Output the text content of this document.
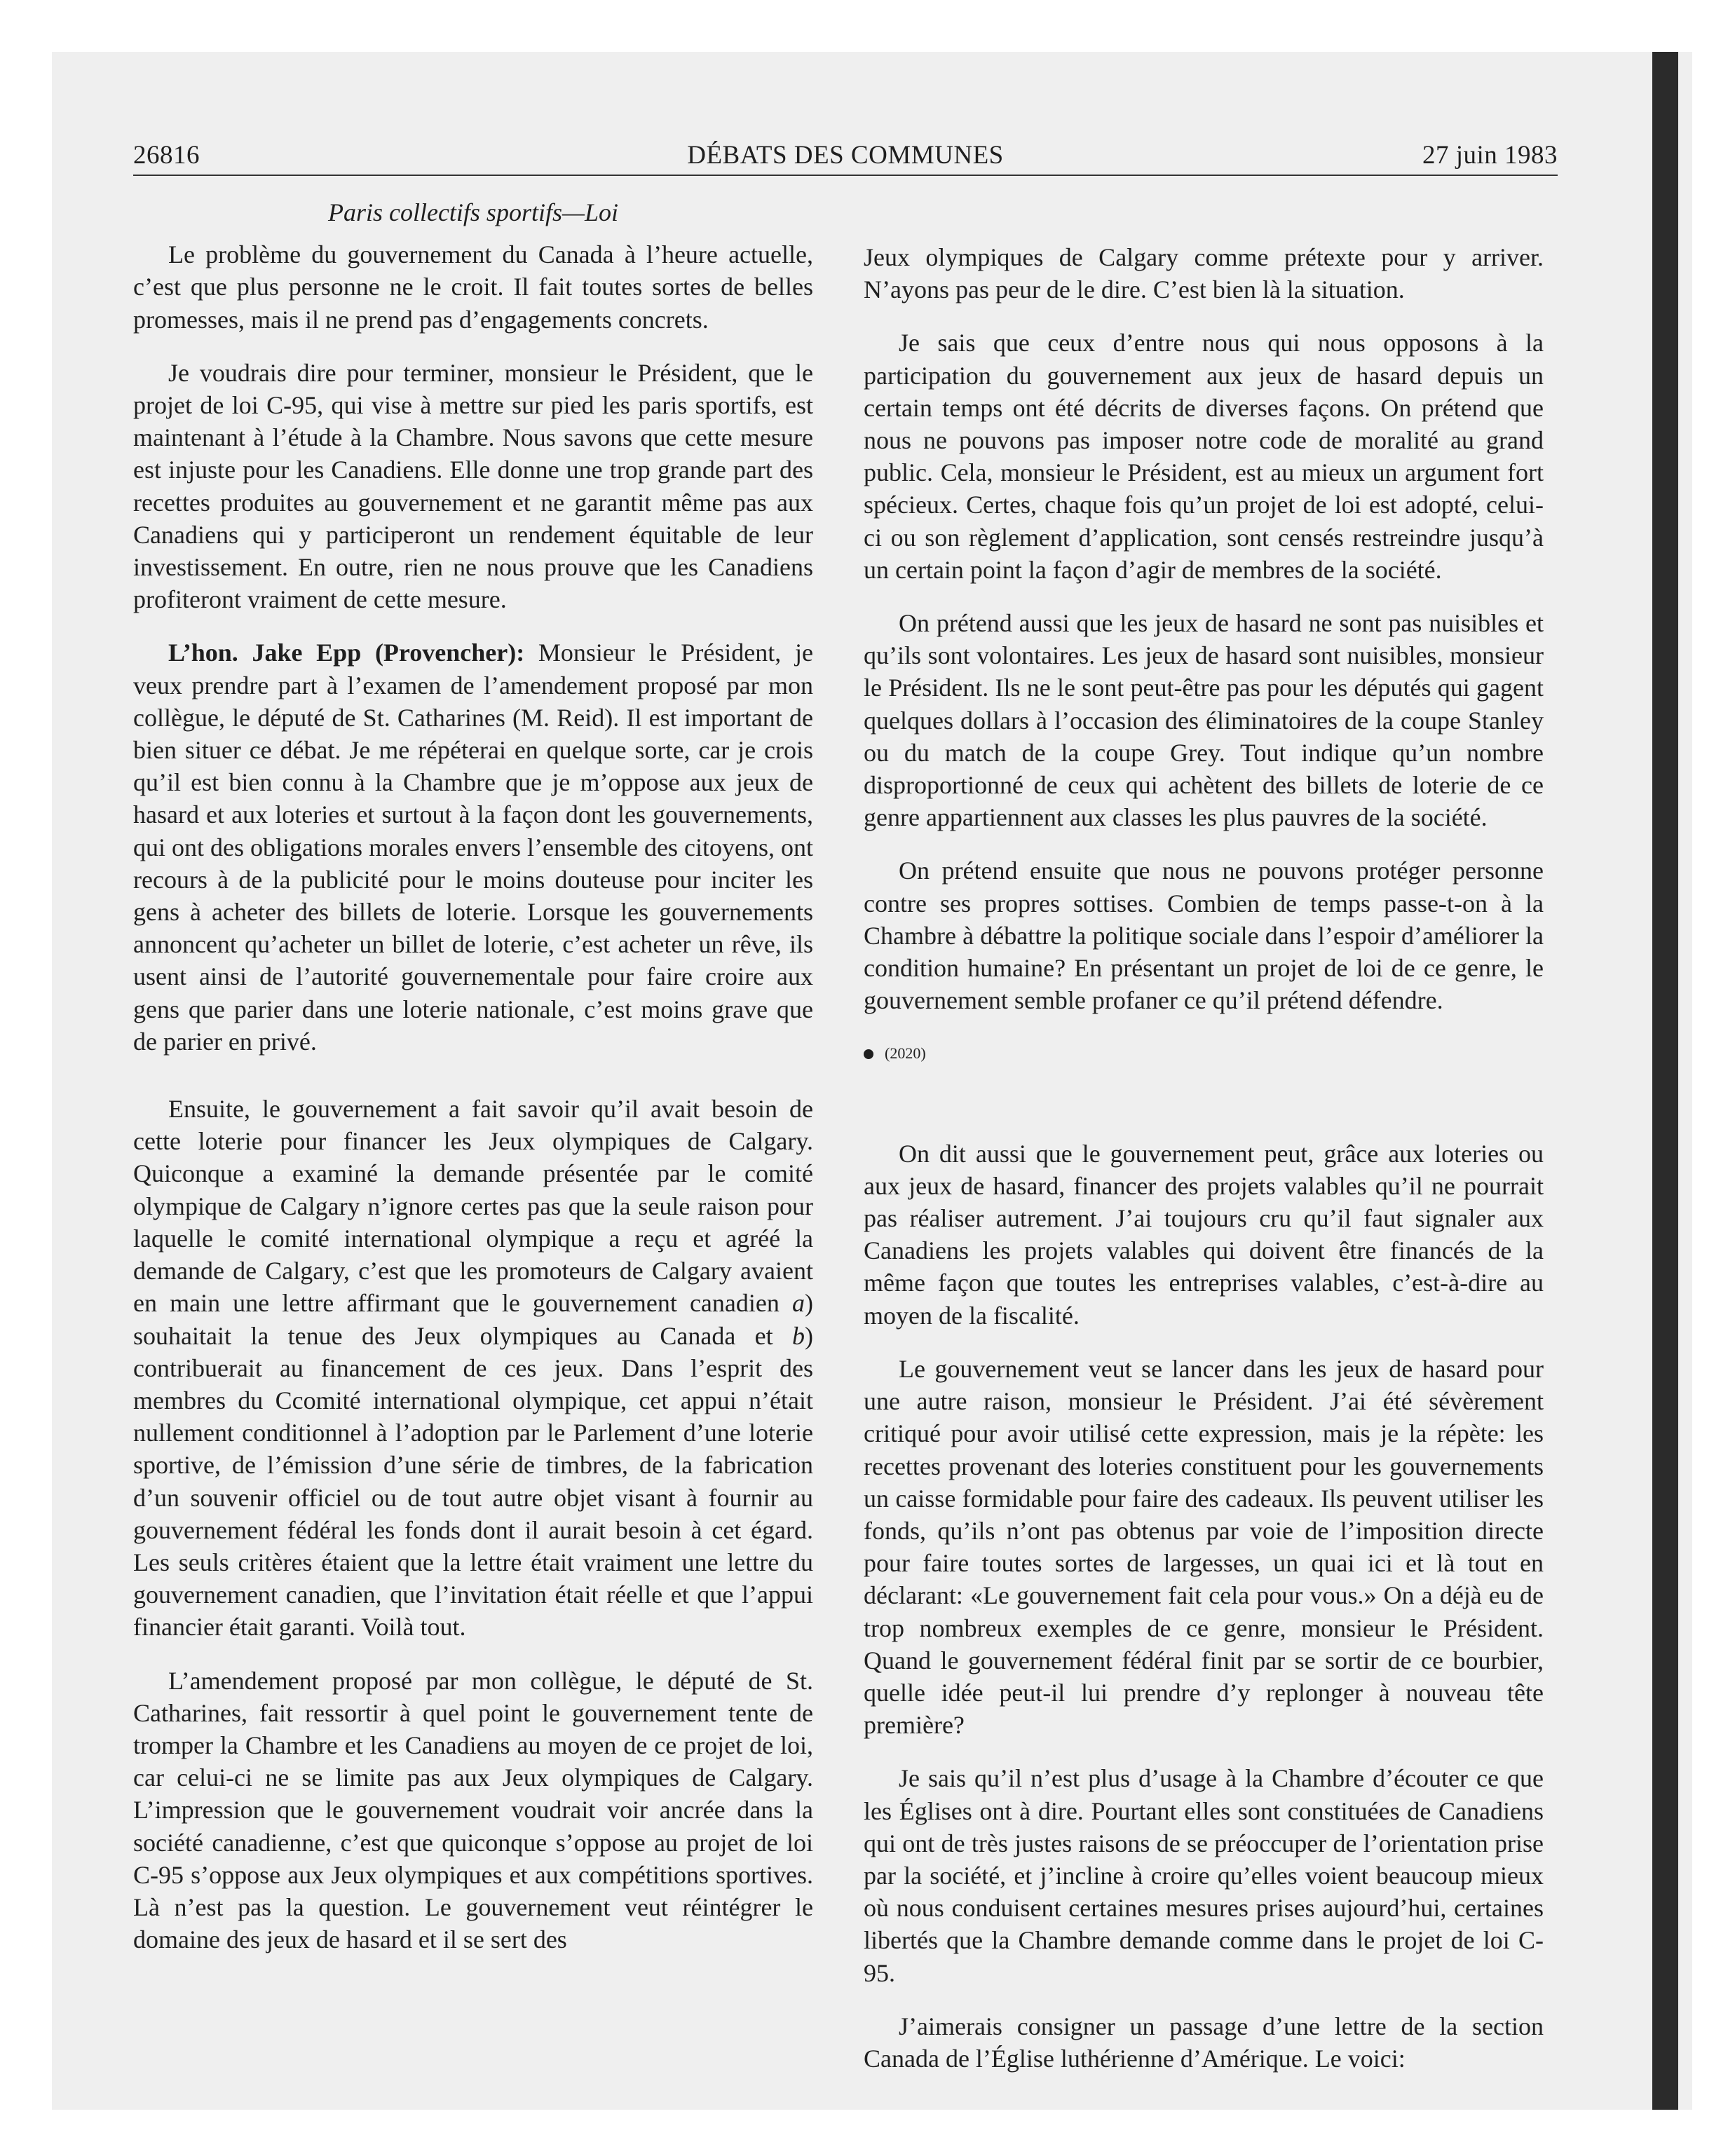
26816	DÉBATS DES COMMUNES	27 juin 1983
Paris collectifs sportifs—Loi

Le problème du gouvernement du Canada à l’heure actuelle, c’est que plus personne ne le croit. Il fait toutes sortes de belles promesses, mais il ne prend pas d’engagements concrets.

Je voudrais dire pour terminer, monsieur le Président, que le projet de loi C-95, qui vise à mettre sur pied les paris sportifs, est maintenant à l’étude à la Chambre. Nous savons que cette mesure est injuste pour les Canadiens. Elle donne une trop grande part des recettes produites au gouvernement et ne garantit même pas aux Canadiens qui y participeront un rendement équitable de leur investissement. En outre, rien ne nous prouve que les Canadiens profiteront vraiment de cette mesure.

L’hon. Jake Epp (Provencher): Monsieur le Président, je veux prendre part à l’examen de l’amendement proposé par mon collègue, le député de St. Catharines (M. Reid). Il est important de bien situer ce débat. Je me répéterai en quelque sorte, car je crois qu’il est bien connu à la Chambre que je m’oppose aux jeux de hasard et aux loteries et surtout à la façon dont les gouvernements, qui ont des obligations morales envers l’ensemble des citoyens, ont recours à de la publicité pour le moins douteuse pour inciter les gens à acheter des billets de loterie. Lorsque les gouvernements annoncent qu’acheter un billet de loterie, c’est acheter un rêve, ils usent ainsi de l’autorité gouvernementale pour faire croire aux gens que parier dans une loterie nationale, c’est moins grave que de parier en privé.

Ensuite, le gouvernement a fait savoir qu’il avait besoin de cette loterie pour financer les Jeux olympiques de Calgary. Quiconque a examiné la demande présentée par le comité olympique de Calgary n’ignore certes pas que la seule raison pour laquelle le comité international olympique a reçu et agréé la demande de Calgary, c’est que les promoteurs de Calgary avaient en main une lettre affirmant que le gouvernement canadien a) souhaitait la tenue des Jeux olympiques au Canada et b) contribuerait au financement de ces jeux. Dans l’esprit des membres du Ccomité international olympique, cet appui n’était nullement conditionnel à l’adoption par le Parlement d’une loterie sportive, de l’émission d’une série de timbres, de la fabrication d’un souvenir officiel ou de tout autre objet visant à fournir au gouvernement fédéral les fonds dont il aurait besoin à cet égard. Les seuls critères étaient que la lettre était vraiment une lettre du gouvernement canadien, que l’invitation était réelle et que l’appui financier était garanti. Voilà tout.

L’amendement proposé par mon collègue, le député de St. Catharines, fait ressortir à quel point le gouvernement tente de tromper la Chambre et les Canadiens au moyen de ce projet de loi, car celui-ci ne se limite pas aux Jeux olympiques de Calgary. L’impression que le gouvernement voudrait voir ancrée dans la société canadienne, c’est que quiconque s’oppose au projet de loi C-95 s’oppose aux Jeux olympiques et aux compétitions sportives. Là n’est pas la question. Le gouvernement veut réintégrer le domaine des jeux de hasard et il se sert des

Jeux olympiques de Calgary comme prétexte pour y arriver. N’ayons pas peur de le dire. C’est bien là la situation.

Je sais que ceux d’entre nous qui nous opposons à la participation du gouvernement aux jeux de hasard depuis un certain temps ont été décrits de diverses façons. On prétend que nous ne pouvons pas imposer notre code de moralité au grand public. Cela, monsieur le Président, est au mieux un argument fort spécieux. Certes, chaque fois qu’un projet de loi est adopté, celui-ci ou son règlement d’application, sont censés restreindre jusqu’à un certain point la façon d’agir de membres de la société.

On prétend aussi que les jeux de hasard ne sont pas nuisibles et qu’ils sont volontaires. Les jeux de hasard sont nuisibles, monsieur le Président. Ils ne le sont peut-être pas pour les députés qui gagent quelques dollars à l’occasion des éliminatoires de la coupe Stanley ou du match de la coupe Grey. Tout indique qu’un nombre disproportionné de ceux qui achètent des billets de loterie de ce genre appartiennent aux classes les plus pauvres de la société.

On prétend ensuite que nous ne pouvons protéger personne contre ses propres sottises. Combien de temps passe-t-on à la Chambre à débattre la politique sociale dans l’espoir d’améliorer la condition humaine? En présentant un projet de loi de ce genre, le gouvernement semble profaner ce qu’il prétend défendre.

(2020)

On dit aussi que le gouvernement peut, grâce aux loteries ou aux jeux de hasard, financer des projets valables qu’il ne pourrait pas réaliser autrement. J’ai toujours cru qu’il faut signaler aux Canadiens les projets valables qui doivent être financés de la même façon que toutes les entreprises valables, c’est-à-dire au moyen de la fiscalité.

Le gouvernement veut se lancer dans les jeux de hasard pour une autre raison, monsieur le Président. J’ai été sévèrement critiqué pour avoir utilisé cette expression, mais je la répète: les recettes provenant des loteries constituent pour les gouvernements un caisse formidable pour faire des cadeaux. Ils peuvent utiliser les fonds, qu’ils n’ont pas obtenus par voie de l’imposition directe pour faire toutes sortes de largesses, un quai ici et là tout en déclarant: «Le gouvernement fait cela pour vous.» On a déjà eu de trop nombreux exemples de ce genre, monsieur le Président. Quand le gouvernement fédéral finit par se sortir de ce bourbier, quelle idée peut-il lui prendre d’y replonger à nouveau tête première?

Je sais qu’il n’est plus d’usage à la Chambre d’écouter ce que les Églises ont à dire. Pourtant elles sont constituées de Canadiens qui ont de très justes raisons de se préoccuper de l’orientation prise par la société, et j’incline à croire qu’elles voient beaucoup mieux où nous conduisent certaines mesures prises aujourd’hui, certaines libertés que la Chambre demande comme dans le projet de loi C-95.

J’aimerais consigner un passage d’une lettre de la section Canada de l’Église luthérienne d’Amérique. Le voici:
